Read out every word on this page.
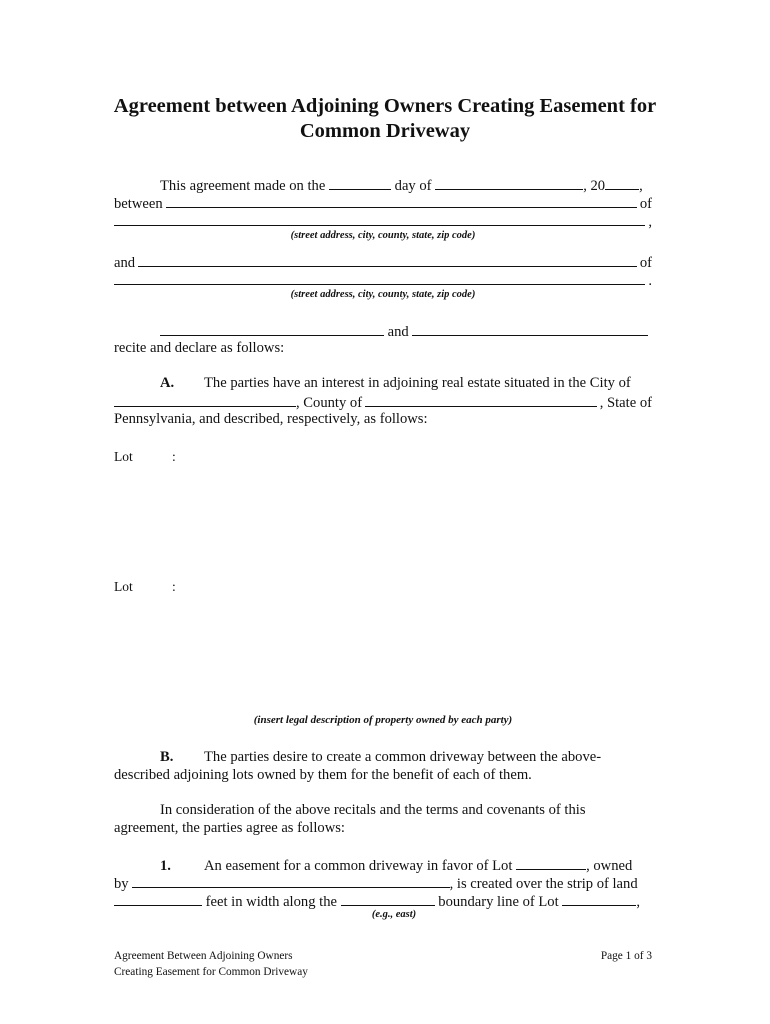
Agreement between Adjoining Owners Creating Easement for
Common Driveway
This agreement made on the	day of	, 20 ,
between	of
,
(street address, city, county, state, zip code)
and	of
.
(street address, city, county, state, zip code)
and
recite and declare as follows:
A. The parties have an interest in adjoining real estate situated in the City of
, County of	, State of
Pennsylvania, and described, respectively, as follows:
Lot	:
Lot	:
(insert legal description of property owned by each party)
B. The parties desire to create a common driveway between the above-
described adjoining lots owned by them for the benefit of each of them.
In consideration of the above recitals and the terms and covenants of this
agreement, the parties agree as follows:
1. An easement for a common driveway in favor of Lot	, owned
by	, is created over the strip of land
feet in width along the	boundary line of Lot	,
(e.g., east)
Agreement Between Adjoining Owners
Creating Easement for Common Driveway
Page 1 of 3
